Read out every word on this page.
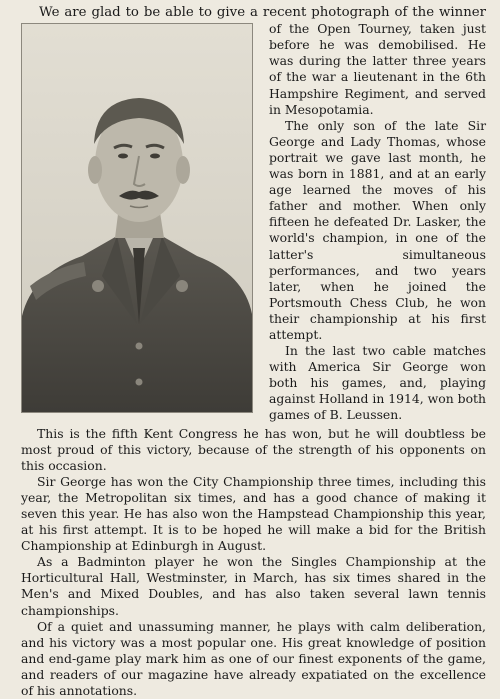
We are glad to be able to give a recent photograph of the winner

of the Open Tourney, taken just before he was demobilised. He was during the latter three years of the war a lieutenant in the 6th Hampshire Regiment, and served in Mesopotamia.

The only son of the late Sir George and Lady Thomas, whose portrait we gave last month, he was born in 1881, and at an early age learned the moves of his father and mother. When only fifteen he defeated Dr. Lasker, the world's champion, in one of the latter's simultaneous performances, and two years later, when he joined the Portsmouth Chess Club, he won their championship at his first attempt.

In the last two cable matches with America Sir George won both his games, and, playing against Holland in 1914, won both games of B. Leussen.

This is the fifth Kent Congress he has won, but he will doubtless be most proud of this victory, because of the strength of his opponents on this occasion.

Sir George has won the City Championship three times, including this year, the Metropolitan six times, and has a good chance of making it seven this year. He has also won the Hampstead Championship this year, at his first attempt. It is to be hoped he will make a bid for the British Championship at Edinburgh in August.

As a Badminton player he won the Singles Championship at the Horticultural Hall, Westminster, in March, has six times shared in the Men's and Mixed Doubles, and has also taken several lawn tennis championships.

Of a quiet and unassuming manner, he plays with calm deliberation, and his victory was a most popular one. His great knowledge of position and end-game play mark him as one of our finest exponents of the game, and readers of our magazine have already expatiated on the excellence of his annotations.
